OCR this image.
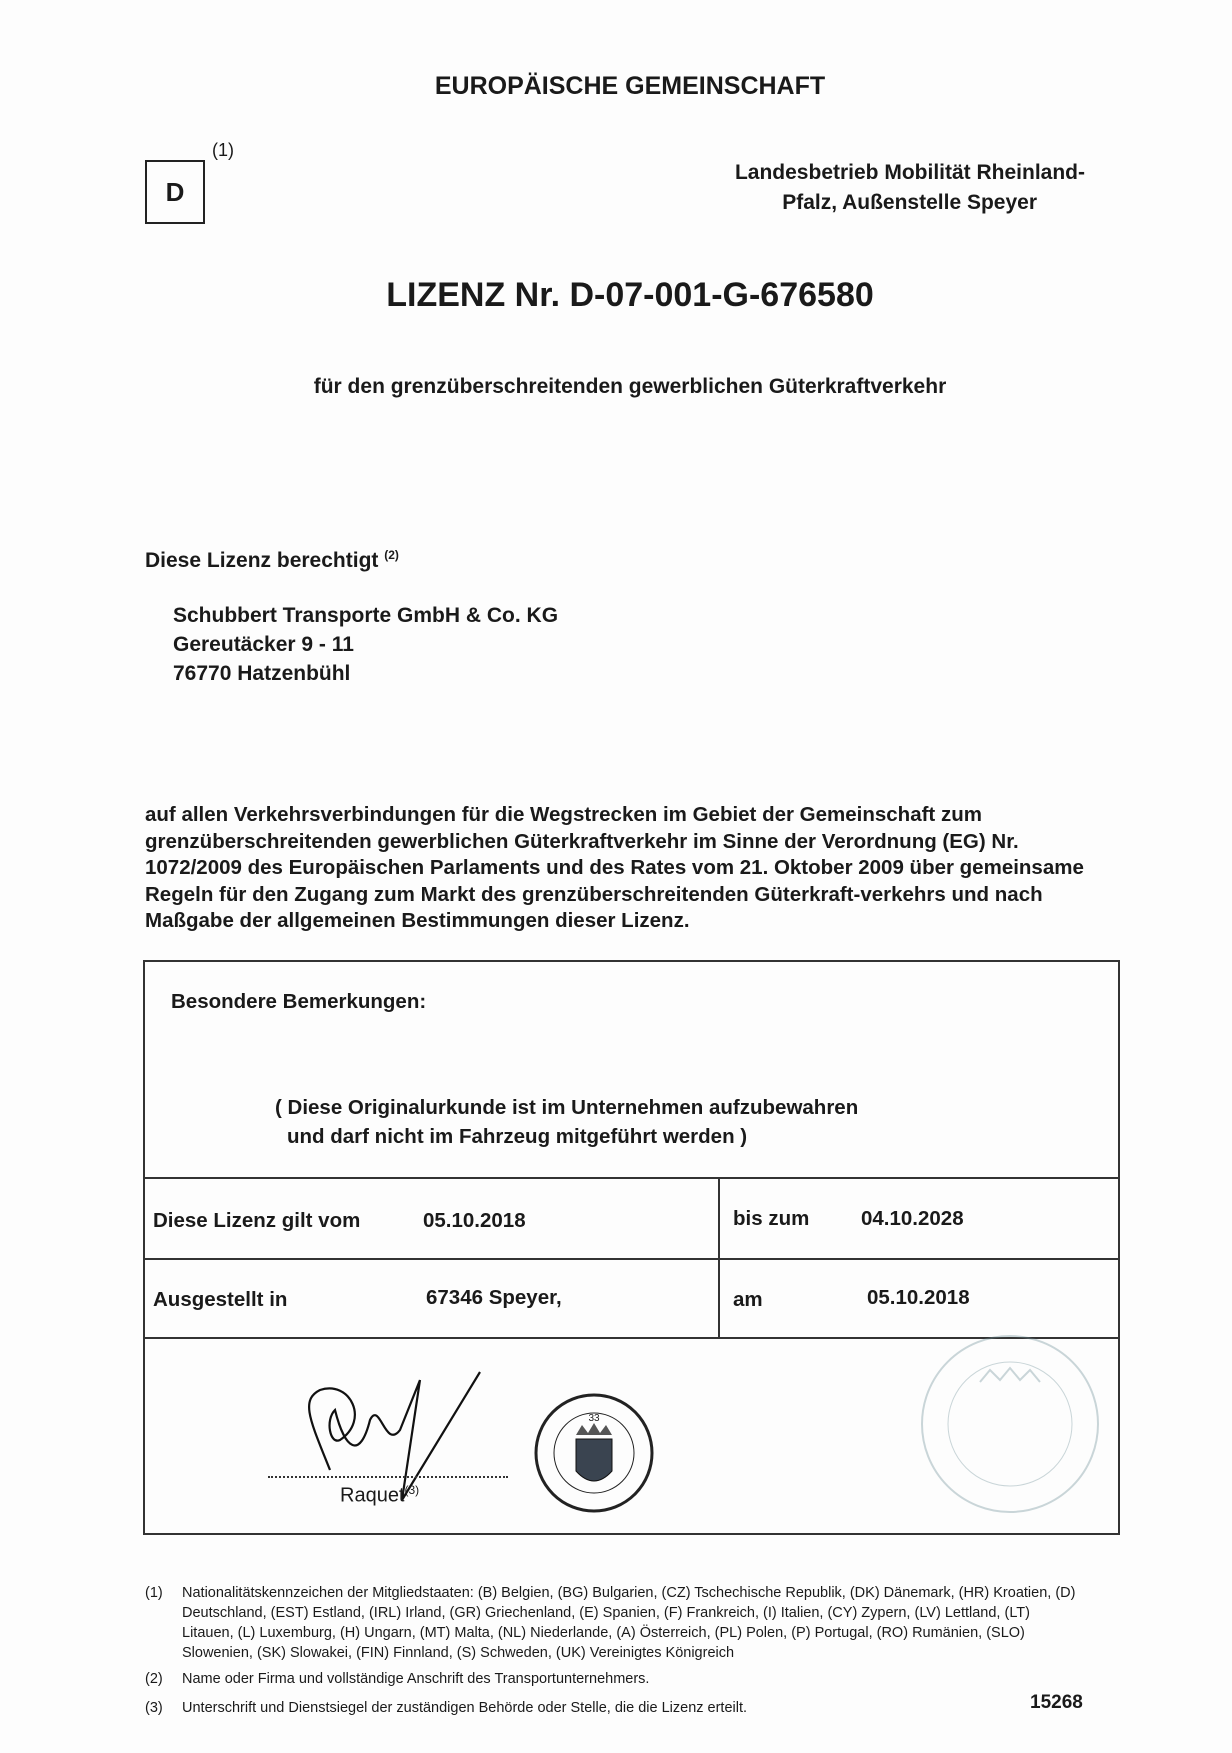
EUROPÄISCHE GEMEINSCHAFT
D
(1)
Landesbetrieb Mobilität Rheinland-
Pfalz, Außenstelle Speyer
LIZENZ Nr. D-07-001-G-676580
für den grenzüberschreitenden gewerblichen Güterkraftverkehr
Diese Lizenz berechtigt $^{(2)}$
Schubbert Transporte GmbH & Co. KG
Gereutäcker 9 - 11
76770 Hatzenbühl
auf allen Verkehrsverbindungen für die Wegstrecken im Gebiet der Gemeinschaft zum grenzüberschreitenden gewerblichen Güterkraftverkehr im Sinne der Verordnung (EG) Nr. 1072/2009 des Europäischen Parlaments und des Rates vom 21. Oktober 2009 über gemeinsame Regeln für den Zugang zum Markt des grenzüberschreitenden Güterkraft-verkehrs und nach Maßgabe der allgemeinen Bestimmungen dieser Lizenz.
Besondere Bemerkungen:
( Diese Originalurkunde ist im Unternehmen aufzubewahren
und darf nicht im Fahrzeug mitgeführt werden )
Diese Lizenz gilt vom	05.10.2018	bis zum	04.10.2028
Ausgestellt in	67346 Speyer,	am	05.10.2018
Raquet$^{(3)}$
33
(1) Nationalitätskennzeichen der Mitgliedstaaten: (B) Belgien, (BG) Bulgarien, (CZ) Tschechische Republik, (DK) Dänemark, (HR) Kroatien, (D) Deutschland, (EST) Estland, (IRL) Irland, (GR) Griechenland, (E) Spanien, (F) Frankreich, (I) Italien, (CY) Zypern, (LV) Lettland, (LT) Litauen, (L) Luxemburg, (H) Ungarn, (MT) Malta, (NL) Niederlande, (A) Österreich, (PL) Polen, (P) Portugal, (RO) Rumänien, (SLO) Slowenien, (SK) Slowakei, (FIN) Finnland, (S) Schweden, (UK) Vereinigtes Königreich
(2) Name oder Firma und vollständige Anschrift des Transportunternehmers.
(3) Unterschrift und Dienstsiegel der zuständigen Behörde oder Stelle, die die Lizenz erteilt.	15268
